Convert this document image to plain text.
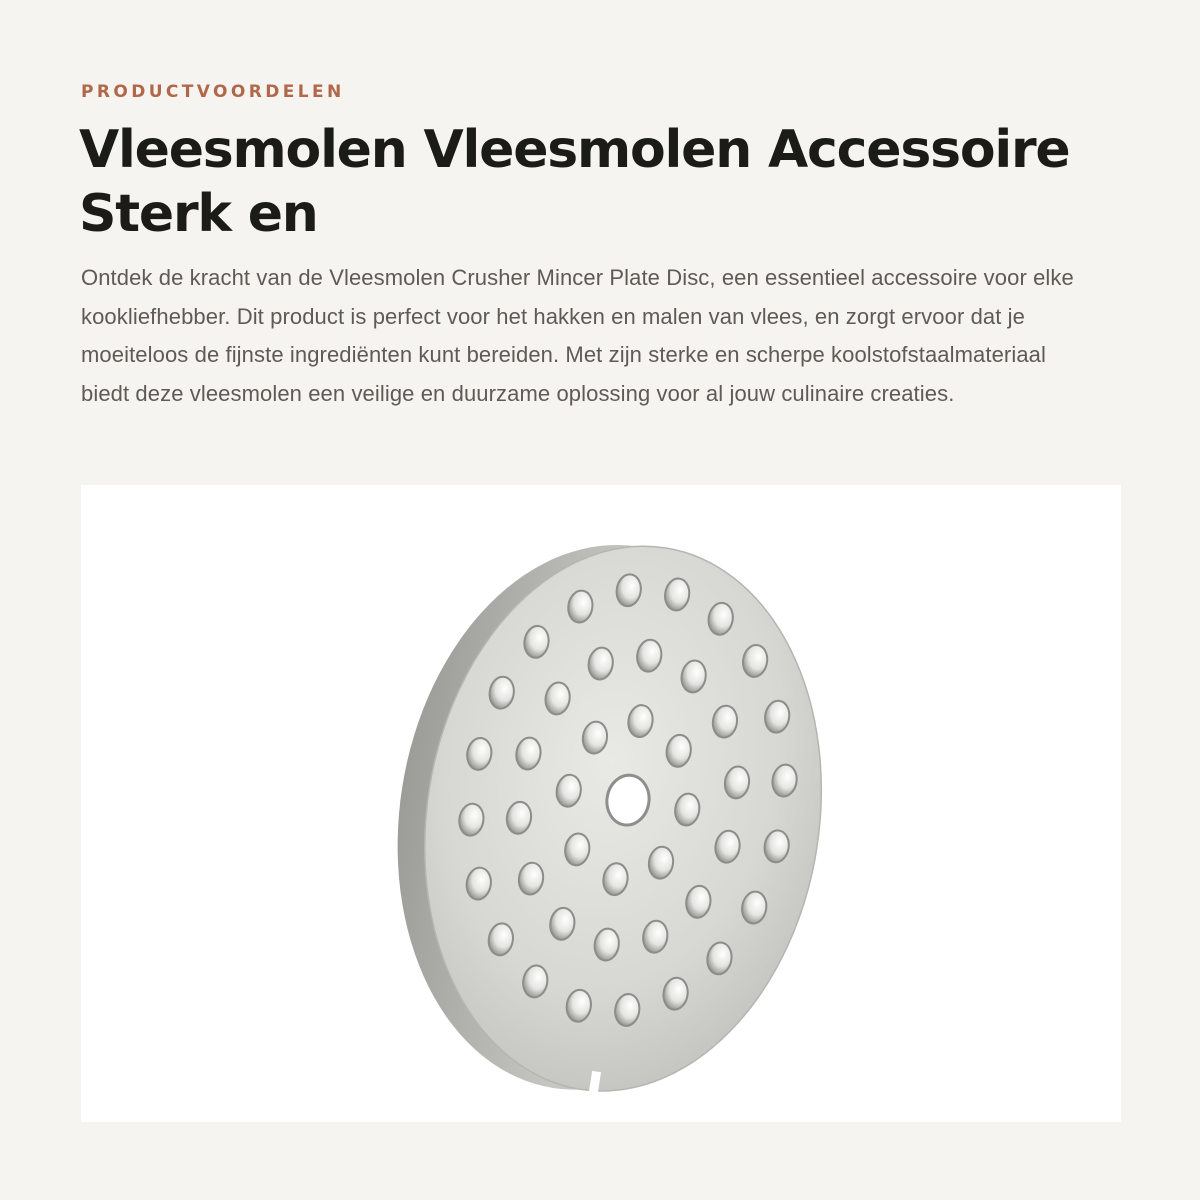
PRODUCTVOORDELEN
Vleesmolen Vleesmolen Accessoire Sterk en

Ontdek de kracht van de Vleesmolen Crusher Mincer Plate Disc, een essentieel accessoire voor elke kookliefhebber. Dit product is perfect voor het hakken en malen van vlees, en zorgt ervoor dat je moeiteloos de fijnste ingrediënten kunt bereiden. Met zijn sterke en scherpe koolstofstaalmateriaal biedt deze vleesmolen een veilige en duurzame oplossing voor al jouw culinaire creaties.
